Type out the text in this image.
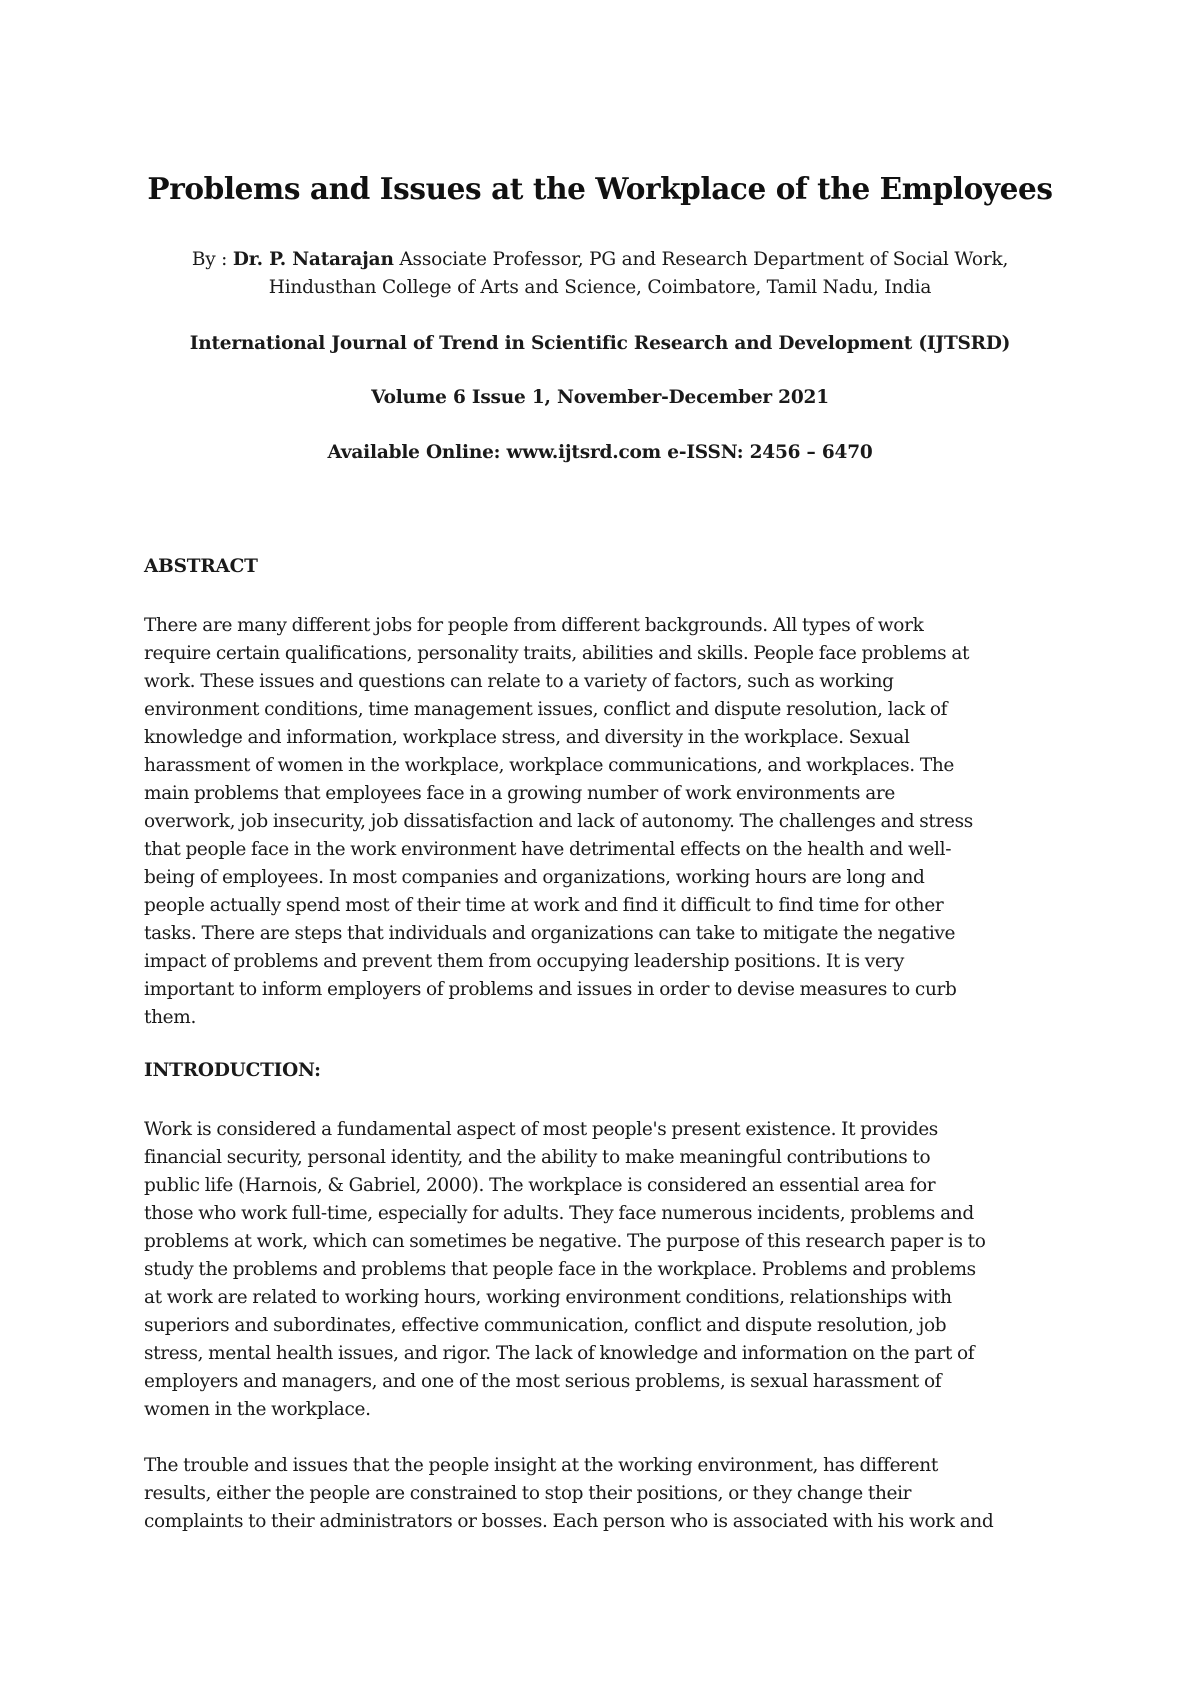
Problems and Issues at the Workplace of the Employees
By : Dr. P. Natarajan Associate Professor, PG and Research Department of Social Work,
Hindusthan College of Arts and Science, Coimbatore, Tamil Nadu, India
International Journal of Trend in Scientific Research and Development (IJTSRD)
Volume 6 Issue 1, November-December 2021
Available Online: www.ijtsrd.com e-ISSN: 2456 – 6470
ABSTRACT
There are many different jobs for people from different backgrounds. All types of work
require certain qualifications, personality traits, abilities and skills. People face problems at
work. These issues and questions can relate to a variety of factors, such as working
environment conditions, time management issues, conflict and dispute resolution, lack of
knowledge and information, workplace stress, and diversity in the workplace. Sexual
harassment of women in the workplace, workplace communications, and workplaces. The
main problems that employees face in a growing number of work environments are
overwork, job insecurity, job dissatisfaction and lack of autonomy. The challenges and stress
that people face in the work environment have detrimental effects on the health and well-
being of employees. In most companies and organizations, working hours are long and
people actually spend most of their time at work and find it difficult to find time for other
tasks. There are steps that individuals and organizations can take to mitigate the negative
impact of problems and prevent them from occupying leadership positions. It is very
important to inform employers of problems and issues in order to devise measures to curb
them.
INTRODUCTION:
Work is considered a fundamental aspect of most people's present existence. It provides
financial security, personal identity, and the ability to make meaningful contributions to
public life (Harnois, & Gabriel, 2000). The workplace is considered an essential area for
those who work full-time, especially for adults. They face numerous incidents, problems and
problems at work, which can sometimes be negative. The purpose of this research paper is to
study the problems and problems that people face in the workplace. Problems and problems
at work are related to working hours, working environment conditions, relationships with
superiors and subordinates, effective communication, conflict and dispute resolution, job
stress, mental health issues, and rigor. The lack of knowledge and information on the part of
employers and managers, and one of the most serious problems, is sexual harassment of
women in the workplace.
The trouble and issues that the people insight at the working environment, has different
results, either the people are constrained to stop their positions, or they change their
complaints to their administrators or bosses. Each person who is associated with his work and
